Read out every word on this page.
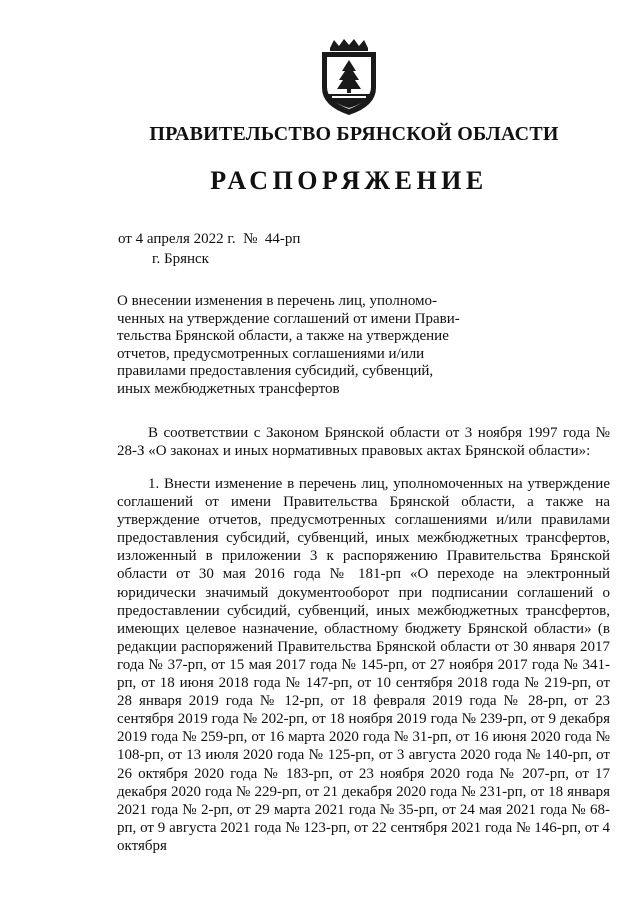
ПРАВИТЕЛЬСТВО БРЯНСКОЙ ОБЛАСТИ
РАСПОРЯЖЕНИЕ
от 4 апреля 2022 г.  №  44-рп
г. Брянск
О внесении изменения в перечень лиц, уполномо-
ченных на утверждение соглашений от имени Прави-
тельства Брянской области, а также на утверждение
отчетов, предусмотренных соглашениями и/или
правилами предоставления субсидий, субвенций,
иных межбюджетных трансфертов
В соответствии с Законом Брянской области от 3 ноября 1997 года № 28-З «О законах и иных нормативных правовых актах Брянской области»:
1. Внести изменение в перечень лиц, уполномоченных на утверждение соглашений от имени Правительства Брянской области, а также на утверждение отчетов, предусмотренных соглашениями и/или правилами предоставления субсидий, субвенций, иных межбюджетных трансфертов, изложенный в приложении 3 к распоряжению Правительства Брянской области от 30 мая 2016 года № 181-рп «О переходе на электронный юридически значимый документооборот при подписании соглашений о предоставлении субсидий, субвенций, иных межбюджетных трансфертов, имеющих целевое назначение, областному бюджету Брянской области» (в редакции распоряжений Правительства Брянской области от 30 января 2017 года № 37-рп, от 15 мая 2017 года № 145-рп, от 27 ноября 2017 года № 341-рп, от 18 июня 2018 года № 147-рп, от 10 сентября 2018 года № 219-рп, от 28 января 2019 года № 12-рп, от 18 февраля 2019 года № 28-рп, от 23 сентября 2019 года № 202-рп, от 18 ноября 2019 года № 239-рп, от 9 декабря 2019 года № 259-рп, от 16 марта 2020 года № 31-рп, от 16 июня 2020 года № 108-рп, от 13 июля 2020 года № 125-рп, от 3 августа 2020 года № 140-рп, от 26 октября 2020 года № 183-рп, от 23 ноября 2020 года № 207-рп, от 17 декабря 2020 года № 229-рп, от 21 декабря 2020 года № 231-рп, от 18 января 2021 года № 2-рп, от 29 марта 2021 года № 35-рп, от 24 мая 2021 года № 68-рп, от 9 августа 2021 года № 123-рп, от 22 сентября 2021 года № 146-рп, от 4 октября
